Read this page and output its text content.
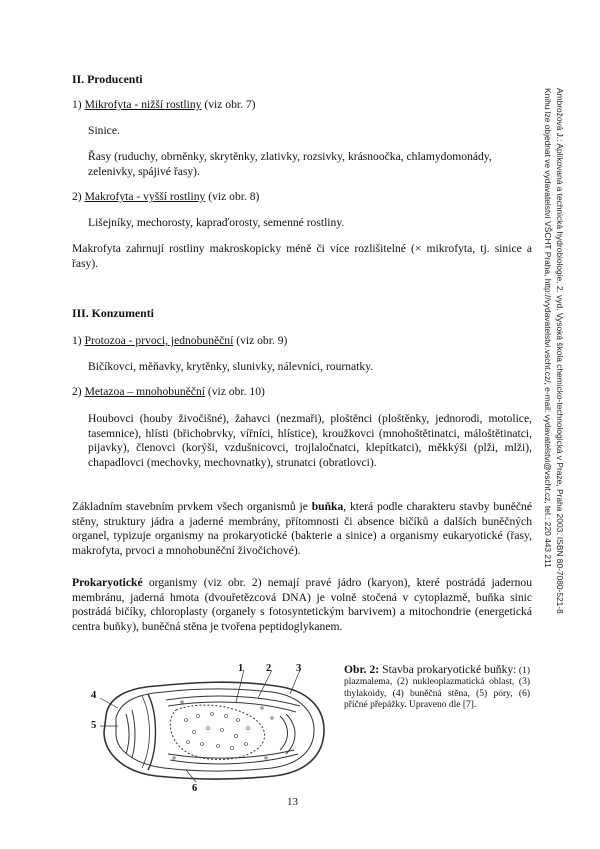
II. Producenti
1) Mikrofyta - nižší rostliny (viz obr. 7)
Sinice.
Řasy (ruduchy, obrněnky, skrytěnky, zlativky, rozsivky, krásnoočka, chlamydomonády, zelenivky, spájivé řasy).
2) Makrofyta - vyšší rostliny (viz obr. 8)
Lišejníky, mechorosty, kapraďorosty, semenné rostliny.
Makrofyta zahrnují rostliny makroskopicky méně či více rozlišitelné (× mikrofyta, tj. sinice a řasy).
III. Konzumenti
1) Protozoa - prvoci, jednobuněční (viz obr. 9)
Bičíkovci, měňavky, krytěnky, slunivky, nálevníci, rournatky.
2) Metazoa – mnohobuněční (viz obr. 10)
Houbovci (houby živočišné), žahavci (nezmaři), ploštěnci (ploštěnky, jednorodi, motolice, tasemnice), hlísti (břichobrvky, vířníci, hlístice), kroužkovci (mnohoštětinatci, máloštětinatci, pijavky), členovci (korýši, vzdušnicovci, trojlaločnatci, klepítkatci), měkkýši (plži, mlži), chapadlovci (mechovky, mechovnatky), strunatci (obratlovci).
Základním stavebním prvkem všech organismů je buňka, která podle charakteru stavby buněčné stěny, struktury jádra a jaderné membrány, přítomnosti či absence bičíků a dalších buněčných organel, typizuje organismy na prokaryotické (bakterie a sinice) a organismy eukaryotické (řasy, makrofyta, prvoci a mnohobuněční živočichové).
Prokaryotické organismy (viz obr. 2) nemají pravé jádro (karyon), které postrádá jadernou membránu, jaderná hmota (dvouřetězcová DNA) je volně stočená v cytoplazmě, buňka sinic postrádá bičíky, chloroplasty (organely s fotosyntetickým barvivem) a mitochondrie (energetická centra buňky), buněčná stěna je tvořena peptidoglykanem.
1 2 3
4
5
6
Obr. 2: Stavba prokaryotické buňky: (1) plazmalema, (2) nukleoplazmatická oblast, (3) thylakoidy, (4) buněčná stěna, (5) póry, (6) příčné přepážky. Upraveno dle [7].
13
Ambrožová J.: Aplikovaná a technická hydrobiologie. 2. vyd. Vysoká škola chemicko-technologická v Praze, Praha 2003. ISBN 80-7080-521-8
Knihu lze objednat ve vydavatelství VŠCHT Praha, http://vydavatelstvi.vscht.cz/, e-mail: vydavatelstvi@vscht.cz, tel.: 220 443 211
